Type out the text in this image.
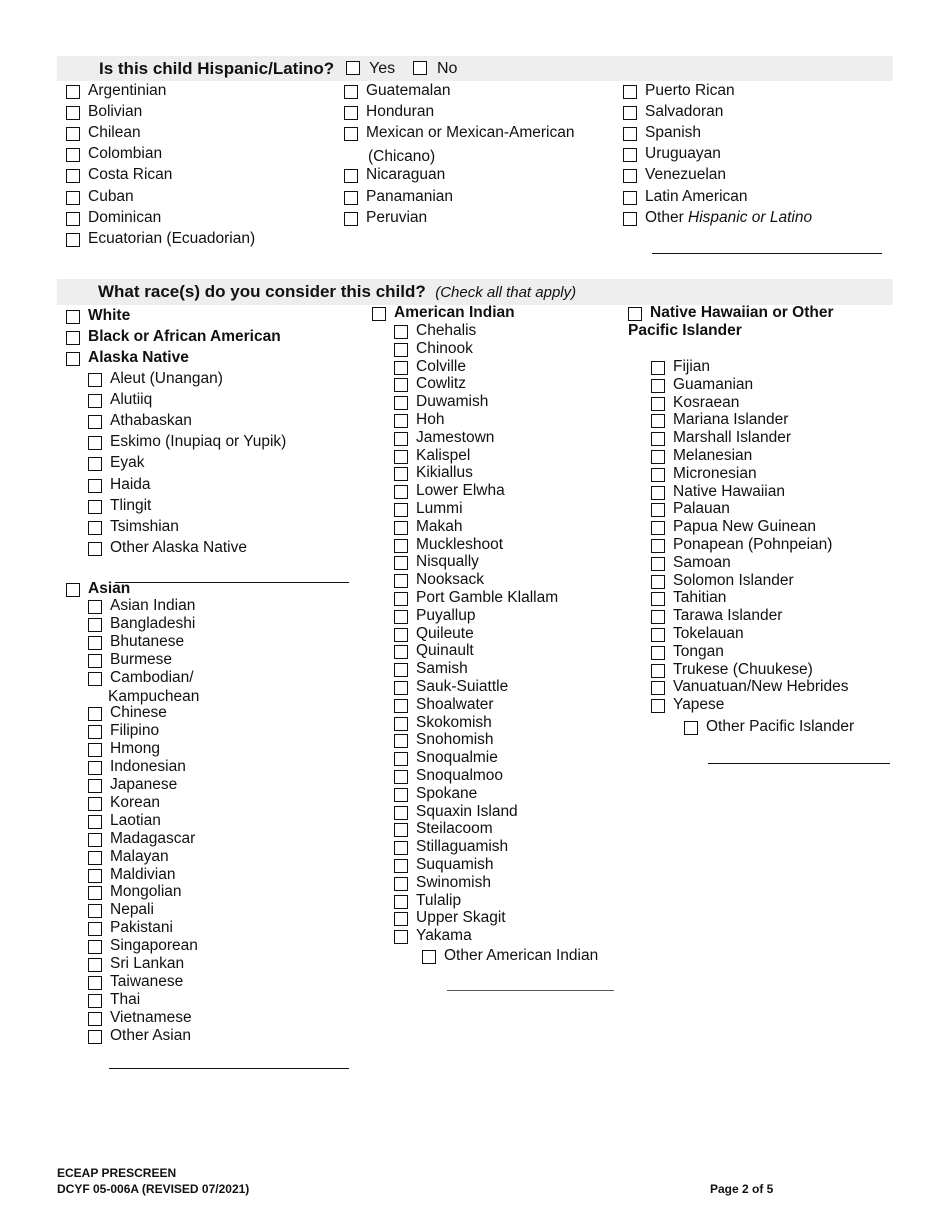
Is this child Hispanic/Latino? Yes	No
Argentinian
Bolivian
Chilean
Colombian
Costa Rican
Cuban
Dominican
Ecuatorian (Ecuadorian)
Guatemalan
Honduran
Mexican or Mexican-American
Nicaraguan
Panamanian
Peruvian
(Chicano)
Puerto Rican
Salvadoran
Spanish
Uruguayan
Venezuelan
Latin American
Other Hispanic or Latino
What race(s) do you consider this child? (Check all that apply)
White
Black or African American
Alaska Native
Aleut (Unangan)
Alutiiq
Athabaskan
Eskimo (Inupiaq or Yupik)
Eyak
Haida
Tlingit
Tsimshian
Other Alaska Native
Asian
Asian Indian
Bangladeshi
Bhutanese
Burmese
Cambodian/
Kampuchean
Chinese
Filipino
Hmong
Indonesian
Japanese
Korean
Laotian
Madagascar
Malayan
Maldivian
Mongolian
Nepali
Pakistani
Singaporean
Sri Lankan
Taiwanese
Thai
Vietnamese
Other Asian
American Indian
Chehalis
Chinook
Colville
Cowlitz
Duwamish
Hoh
Jamestown
Kalispel
Kikiallus
Lower Elwha
Lummi
Makah
Muckleshoot
Nisqually
Nooksack
Port Gamble Klallam
Puyallup
Quileute
Quinault
Samish
Sauk-Suiattle
Shoalwater
Skokomish
Snohomish
Snoqualmie
Snoqualmoo
Spokane
Squaxin Island
Steilacoom
Stillaguamish
Suquamish
Swinomish
Tulalip
Upper Skagit
Yakama
Other American Indian
Native Hawaiian or Other
Pacific Islander
Fijian
Guamanian
Kosraean
Mariana Islander
Marshall Islander
Melanesian
Micronesian
Native Hawaiian
Palauan
Papua New Guinean
Ponapean (Pohnpeian)
Samoan
Solomon Islander
Tahitian
Tarawa Islander
Tokelauan
Tongan
Trukese (Chuukese)
Vanuatuan/New Hebrides
Yapese
Other Pacific Islander
ECEAP PRESCREEN
DCYF 05-006A (REVISED 07/2021)	Page 2 of 5
